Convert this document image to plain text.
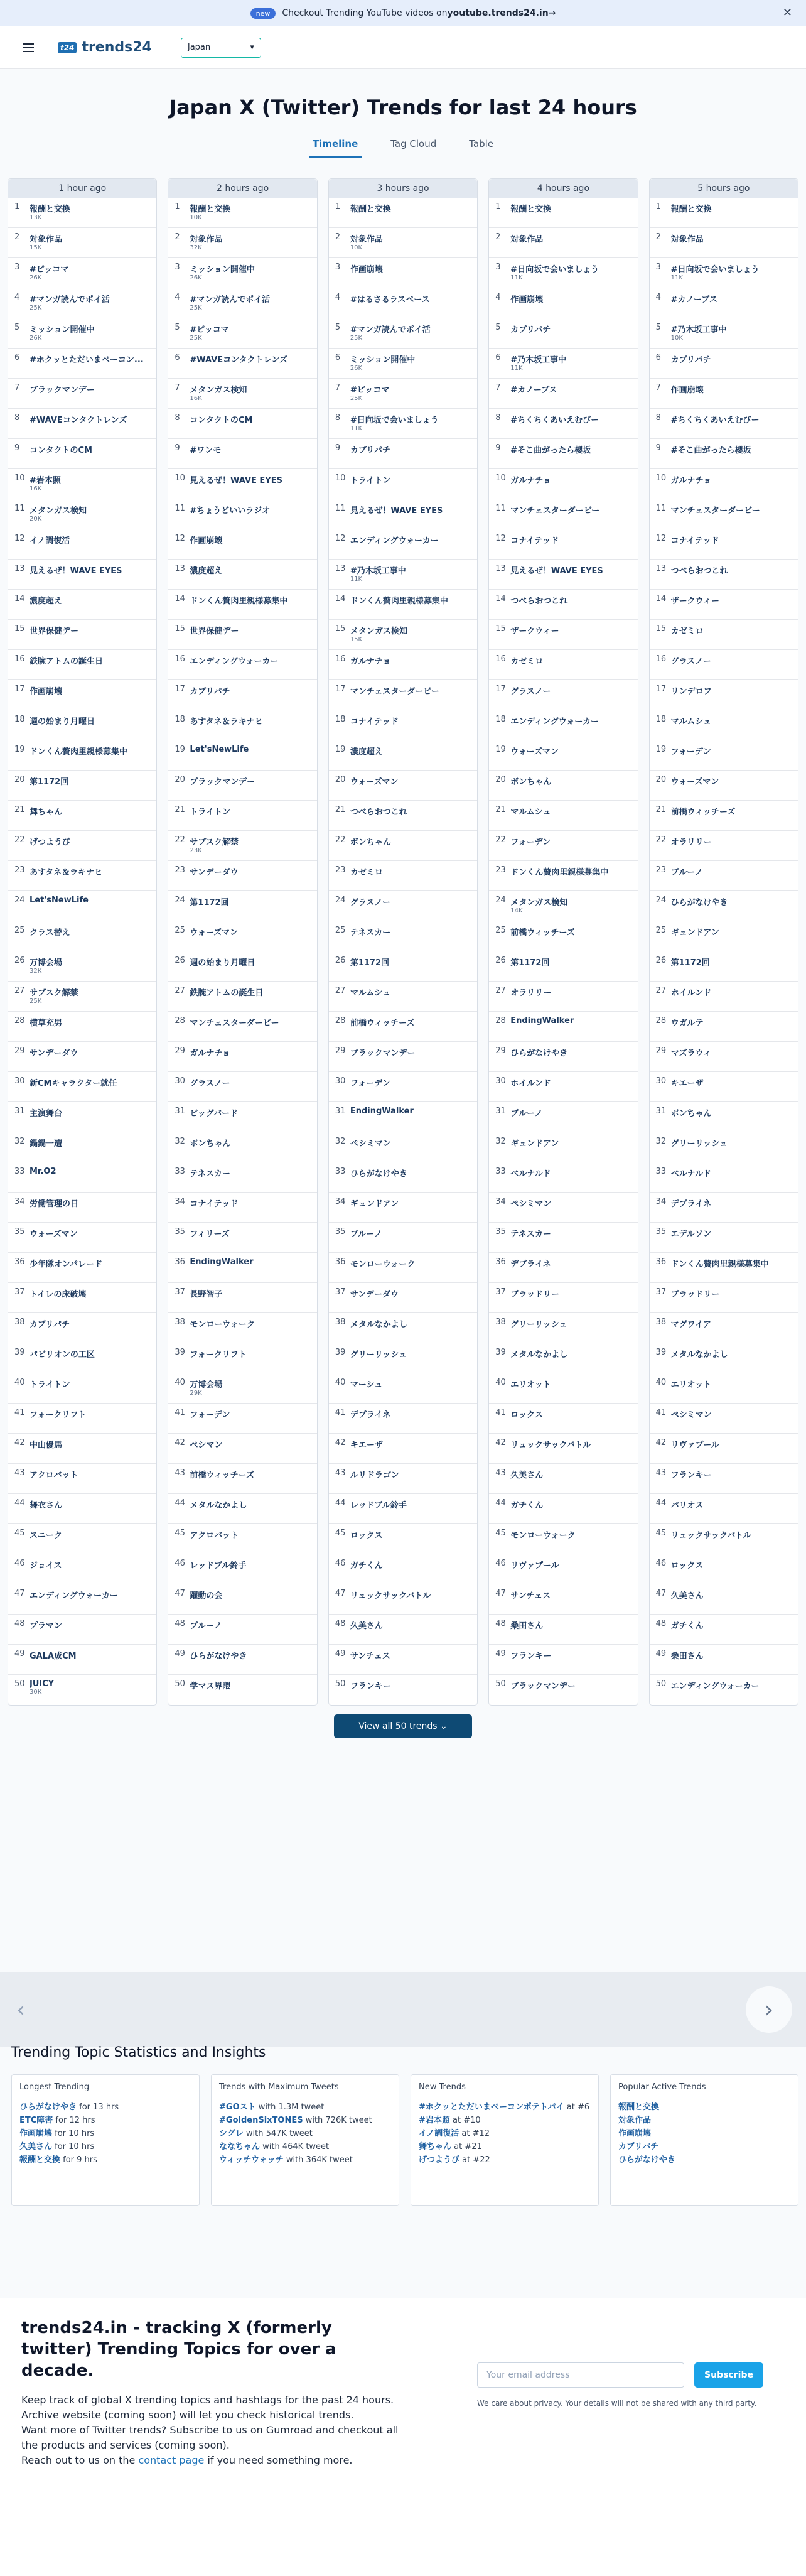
new	Checkout Trending YouTube videos on youtube.trends24.in→	✕
t24 trends24	Japan	▾
Japan X (Twitter) Trends for last 24 hours
Timeline	Tag Cloud	Table
1 hour ago
1	報酬と交換
13K
2	対象作品
15K
3	#ピッコマ
26K
4	#マンガ読んでポイ活
25K
5	ミッション開催中
26K
6	#ホクッとただいまベーコン...
7	ブラックマンデー
8	#WAVEコンタクトレンズ
9	コンタクトのCM
10 #岩本照
16K
11 メタンガス検知
20K
12 イノ調復活
13 見えるぜ！WAVE EYES
14 濃度超え
15 世界保健デー
16 鉄腕アトムの誕生日
17 作画崩壊
18 週の始まり月曜日
19 ドンくん贅肉里親様募集中
20 第1172回
21 舞ちゃん
22 げつようび
23 あすタネ＆ラキナヒ
24 Let'sNewLife
25 クラス替え
26 万博会場
32K
27 サブスク解禁
25K
28 横草充男
29 サンデーダウ
30 新CMキャラクター就任
31 主演舞台
32 鍋鍋一遭
33 Mr.O2
34 労働管理の日
35 ウォーズマン
36 少年隊オンパレード
37 トイレの床破壊
38 カブリパチ
39 パビリオンの工区
40 トライトン
41 フォークリフト
42 中山優馬
43 アクロバット
44 舞衣さん
45 スニーク
46 ジョイス
47 エンディングウォーカー
48 プラマン
49 GALA成CM
50 JUICY
30K
2 hours ago
1	報酬と交換
10K
2	対象作品
32K
3	ミッション開催中
26K
4	#マンガ読んでポイ活
25K
5	#ピッコマ
25K
6	#WAVEコンタクトレンズ
7	メタンガス検知
16K
8	コンタクトのCM
9	#ワンモ
10 見えるぜ！WAVE EYES
11 #ちょうどいいラジオ
12 作画崩壊
13 濃度超え
14 ドンくん贅肉里親様募集中
15 世界保健デー
16 エンディングウォーカー
17 カブリパチ
18 あすタネ＆ラキナヒ
19 Let'sNewLife
20 ブラックマンデー
21 トライトン
22 サブスク解禁
23K
23 サンデーダウ
24 第1172回
25 ウォーズマン
26 週の始まり月曜日
27 鉄腕アトムの誕生日
28 マンチェスターダービー
29 ガルナチョ
30 グラスノー
31 ビッグバード
32 ボンちゃん
33 テネスカー
34 コナイテッド
35 フィリーズ
36 EndingWalker
37 長野智子
38 モンローウォーク
39 フォークリフト
40 万博会場
29K
41 フォーデン
42 ペシマン
43 前橋ウィッチーズ
44 メタルなかよし
45 アクロバット
46 レッドブル鈴手
47 躍動の会
48 ブルーノ
49 ひらがなけやき
50 学マス界隈
3 hours ago
1	報酬と交換
2	対象作品
10K
3	作画崩壊
4	#はるさるラスペース
5	#マンガ読んでポイ活
25K
6	ミッション開催中
26K
7	#ピッコマ
25K
8	#日向坂で会いましょう
11K
9	カブリパチ
10 トライトン
11 見えるぜ！WAVE EYES
12 エンディングウォーカー
13 #乃木坂工事中
11K
14 ドンくん贅肉里親様募集中
15 メタンガス検知
15K
16 ガルナチョ
17 マンチェスターダービー
18 コナイテッド
19 濃度超え
20 ウォーズマン
21 つべらおつこれ
22 ボンちゃん
23 カゼミロ
24 グラスノー
25 テネスカー
26 第1172回
27 マルムシュ
28 前橋ウィッチーズ
29 ブラックマンデー
30 フォーデン
31 EndingWalker
32 ペシミマン
33 ひらがなけやき
34 ギュンドアン
35 ブルーノ
36 モンローウォーク
37 サンデーダウ
38 メタルなかよし
39 グリーリッシュ
40 マーシュ
41 デブライネ
42 キエーザ
43 ルリドラゴン
44 レッドブル鈴手
45 ロックス
46 ガチくん
47 リュックサックバトル
48 久美さん
49 サンチェス
50 フランキー
4 hours ago
1	報酬と交換
2	対象作品
3	#日向坂で会いましょう
11K
4	作画崩壊
5	カブリパチ
6	#乃木坂工事中
11K
7	#カノーブス
8	#ちくちくあいえむびー
9	#そこ曲がったら櫻坂
10 ガルナチョ
11 マンチェスターダービー
12 コナイテッド
13 見えるぜ！WAVE EYES
14 つべらおつこれ
15 ザークウィー
16 カゼミロ
17 グラスノー
18 エンディングウォーカー
19 ウォーズマン
20 ボンちゃん
21 マルムシュ
22 フォーデン
23 ドンくん贅肉里親様募集中
24 メタンガス検知
14K
25 前橋ウィッチーズ
26 第1172回
27 オラリリー
28 EndingWalker
29 ひらがなけやき
30 ホイルンド
31 ブルーノ
32 ギュンドアン
33 ベルナルド
34 ペシミマン
35 テネスカー
36 デブライネ
37 ブラッドリー
38 グリーリッシュ
39 メタルなかよし
40 エリオット
41 ロックス
42 リュックサックバトル
43 久美さん
44 ガチくん
45 モンローウォーク
46 リヴァプール
47 サンチェス
48 桑田さん
49 フランキー
50 ブラックマンデー
5 hours ago
1	報酬と交換
2	対象作品
3	#日向坂で会いましょう
11K
4	#カノーブス
5	#乃木坂工事中
10K
6	カブリパチ
7	作画崩壊
8	#ちくちくあいえむびー
9	#そこ曲がったら櫻坂
10 ガルナチョ
11 マンチェスターダービー
12 コナイテッド
13 つべらおつこれ
14 ザークウィー
15 カゼミロ
16 グラスノー
17 リンデロフ
18 マルムシュ
19 フォーデン
20 ウォーズマン
21 前橋ウィッチーズ
22 オラリリー
23 ブルーノ
24 ひらがなけやき
25 ギュンドアン
26 第1172回
27 ホイルンド
28 ウガルテ
29 マズラウィ
30 キエーザ
31 ボンちゃん
32 グリーリッシュ
33 ベルナルド
34 デブライネ
35 エデルソン
36 ドンくん贅肉里親様募集中
37 ブラッドリー
38 マグワイア
39 メタルなかよし
40 エリオット
41 ペシミマン
42 リヴァプール
43 フランキー
44 パリオス
45 リュックサックバトル
46 ロックス
47 久美さん
48 ガチくん
49 桑田さん
50 エンディングウォーカー
View all 50 trends ⌄
‹	›
Trending Topic Statistics and Insights
Longest Trending
ひらがなけやき for 13 hrs
ETC障害 for 12 hrs
作画崩壊 for 10 hrs
久美さん for 10 hrs
報酬と交換 for 9 hrs
Trends with Maximum Tweets
#GOスト with 1.3M tweet
#GoldenSixTONES with 726K tweet
シグレ with 547K tweet
ななちゃん with 464K tweet
ウィッチウォッチ with 364K tweet
New Trends
#ホクッとただいまベーコンポテトパイ at #6
#岩本照 at #10
イノ調復活 at #12
舞ちゃん at #21
げつようび at #22
Popular Active Trends
報酬と交換
対象作品
作画崩壊
カブリパチ
ひらがなけやき
trends24.in - tracking X (formerly twitter) Trending Topics for over a decade.

Keep track of global X trending topics and hashtags for the past 24 hours.
Archive website (coming soon) will let you check historical trends.
Want more of Twitter trends? Subscribe to us on Gumroad and checkout all the products and services (coming soon).
Reach out to us on the contact page if you need something more.

Your email address
Subscribe
We care about privacy. Your details will not be shared with any third party.
